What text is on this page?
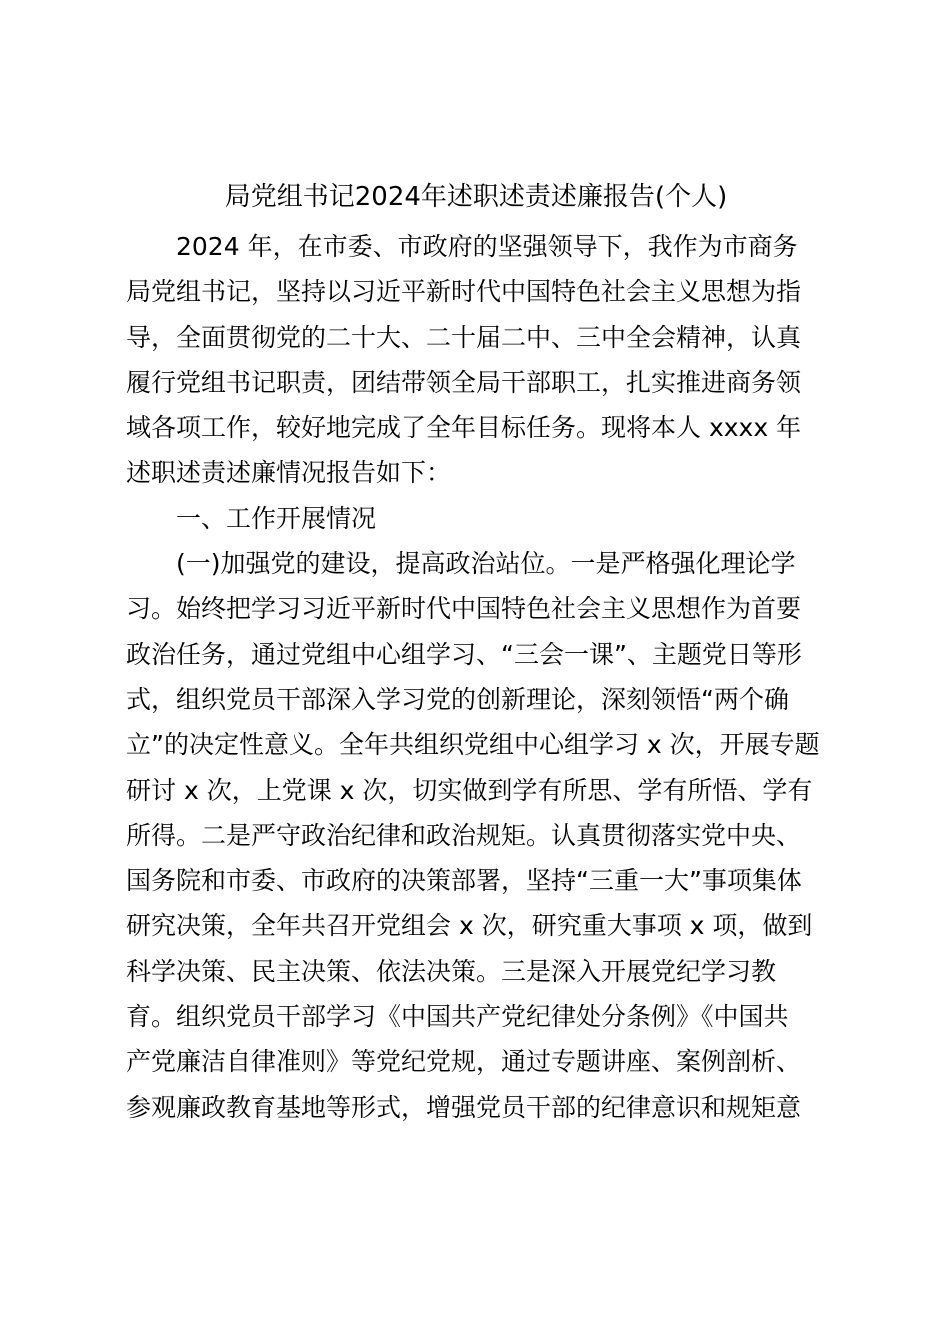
局党组书记2024年述职述责述廉报告(个人)
2024 年，在市委、市政府的坚强领导下，我作为市商务
局党组书记，坚持以习近平新时代中国特色社会主义思想为指
导，全面贯彻党的二十大、二十届二中、三中全会精神，认真
履行党组书记职责，团结带领全局干部职工，扎实推进商务领
域各项工作，较好地完成了全年目标任务。现将本人 xxxx 年
述职述责述廉情况报告如下：
一、工作开展情况
(一)加强党的建设，提高政治站位。一是严格强化理论学
习。始终把学习习近平新时代中国特色社会主义思想作为首要
政治任务，通过党组中心组学习、“三会一课”、主题党日等形
式，组织党员干部深入学习党的创新理论，深刻领悟“两个确
立”的决定性意义。全年共组织党组中心组学习 x 次，开展专题
研讨 x 次，上党课 x 次，切实做到学有所思、学有所悟、学有
所得。二是严守政治纪律和政治规矩。认真贯彻落实党中央、
国务院和市委、市政府的决策部署，坚持“三重一大”事项集体
研究决策，全年共召开党组会 x 次，研究重大事项 x 项，做到
科学决策、民主决策、依法决策。三是深入开展党纪学习教
育。组织党员干部学习《中国共产党纪律处分条例》《中国共
产党廉洁自律准则》等党纪党规，通过专题讲座、案例剖析、
参观廉政教育基地等形式，增强党员干部的纪律意识和规矩意
